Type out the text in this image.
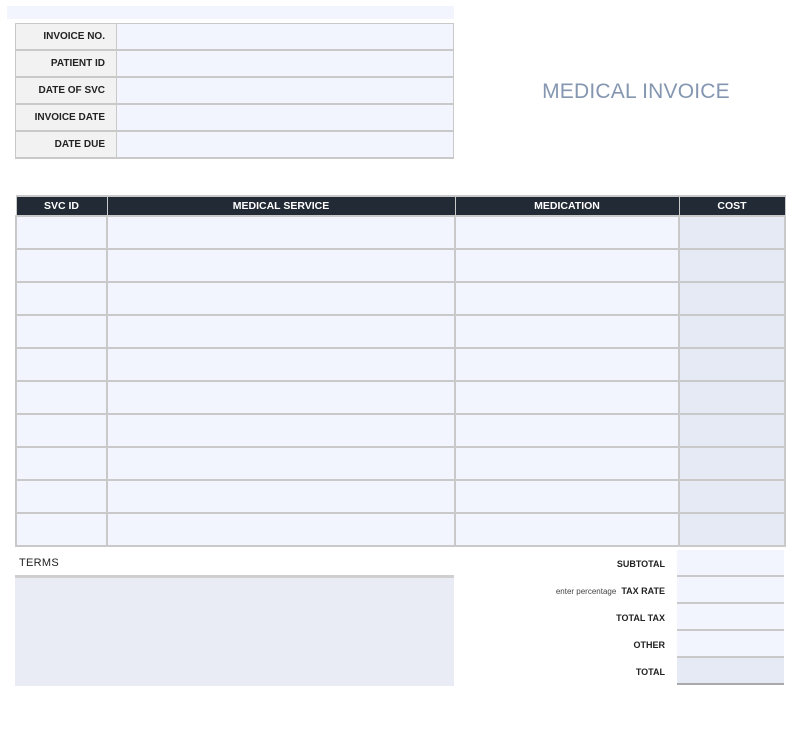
INVOICE NO.	
PATIENT ID	
DATE OF SVC	
INVOICE DATE	
DATE DUE	
MEDICAL INVOICE
SVC ID	MEDICAL SERVICE	MEDICATION	COST

TERMS	SUBTOTAL
enter percentage TAX RATE
TOTAL TAX
OTHER
TOTAL
